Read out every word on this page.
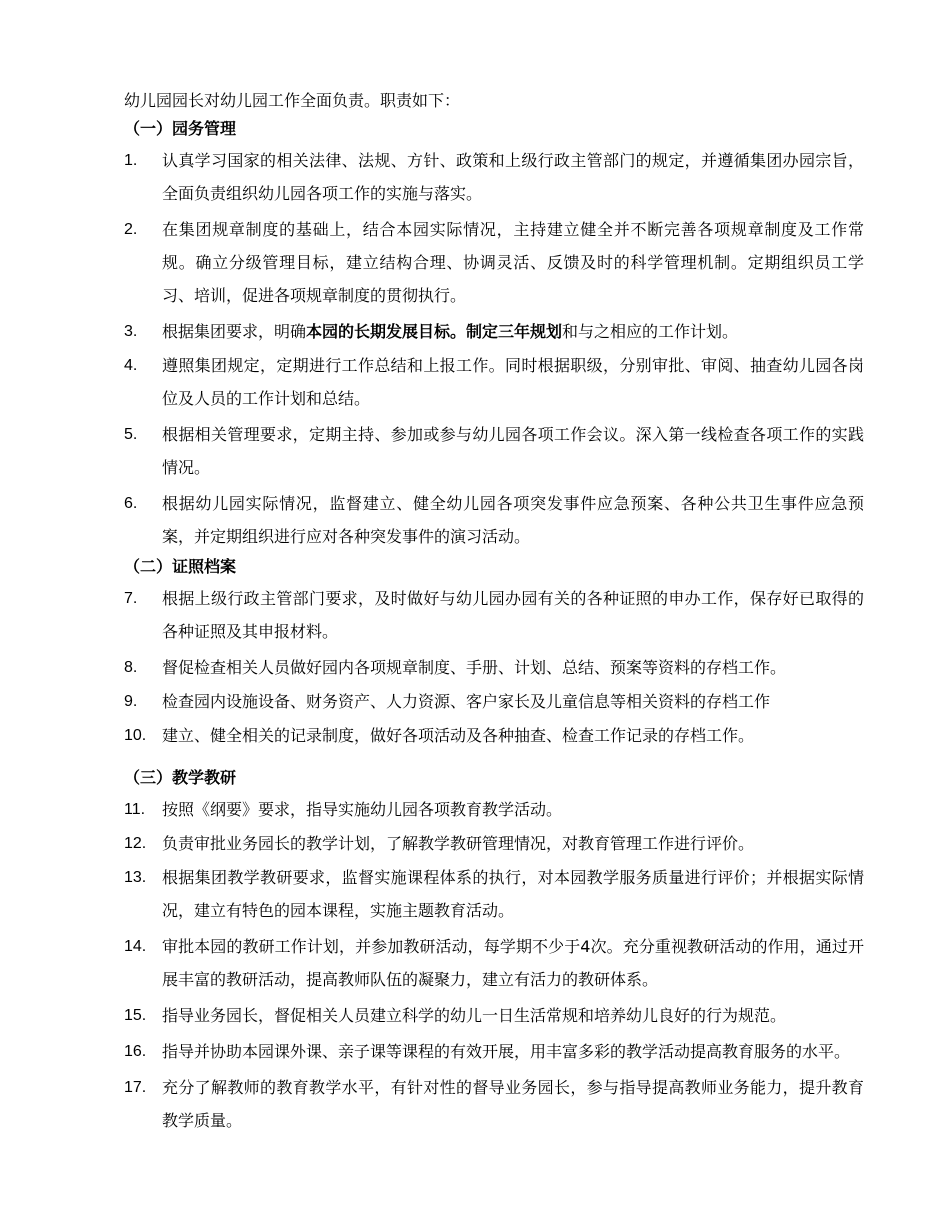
幼儿园园长对幼儿园工作全面负责。职责如下：
（一）园务管理
1.	认真学习国家的相关法律、法规、方针、政策和上级行政主管部门的规定，并遵循集团办园宗旨，全面负责组织幼儿园各项工作的实施与落实。
2.	在集团规章制度的基础上，结合本园实际情况，主持建立健全并不断完善各项规章制度及工作常规。确立分级管理目标，建立结构合理、协调灵活、反馈及时的科学管理机制。定期组织员工学习、培训，促进各项规章制度的贯彻执行。
3.	根据集团要求，明确本园的长期发展目标。制定三年规划和与之相应的工作计划。
4.	遵照集团规定，定期进行工作总结和上报工作。同时根据职级，分别审批、审阅、抽查幼儿园各岗位及人员的工作计划和总结。
5.	根据相关管理要求，定期主持、参加或参与幼儿园各项工作会议。深入第一线检查各项工作的实践情况。
6.	根据幼儿园实际情况，监督建立、健全幼儿园各项突发事件应急预案、各种公共卫生事件应急预案，并定期组织进行应对各种突发事件的演习活动。
（二）证照档案
7.	根据上级行政主管部门要求，及时做好与幼儿园办园有关的各种证照的申办工作，保存好已取得的各种证照及其申报材料。
8.	督促检查相关人员做好园内各项规章制度、手册、计划、总结、预案等资料的存档工作。
9.	检查园内设施设备、财务资产、人力资源、客户家长及儿童信息等相关资料的存档工作
10. 建立、健全相关的记录制度，做好各项活动及各种抽查、检查工作记录的存档工作。
（三）教学教研
11.	按照《纲要》要求，指导实施幼儿园各项教育教学活动。
12. 负责审批业务园长的教学计划，了解教学教研管理情况，对教育管理工作进行评价。
13. 根据集团教学教研要求，监督实施课程体系的执行，对本园教学服务质量进行评价；并根据实际情况，建立有特色的园本课程，实施主题教育活动。
14. 审批本园的教研工作计划，并参加教研活动，每学期不少于4次。充分重视教研活动的作用，通过开展丰富的教研活动，提高教师队伍的凝聚力，建立有活力的教研体系。
15. 指导业务园长，督促相关人员建立科学的幼儿一日生活常规和培养幼儿良好的行为规范。
16. 指导并协助本园课外课、亲子课等课程的有效开展，用丰富多彩的教学活动提高教育服务的水平。
17. 充分了解教师的教育教学水平，有针对性的督导业务园长，参与指导提高教师业务能力，提升教育教学质量。
